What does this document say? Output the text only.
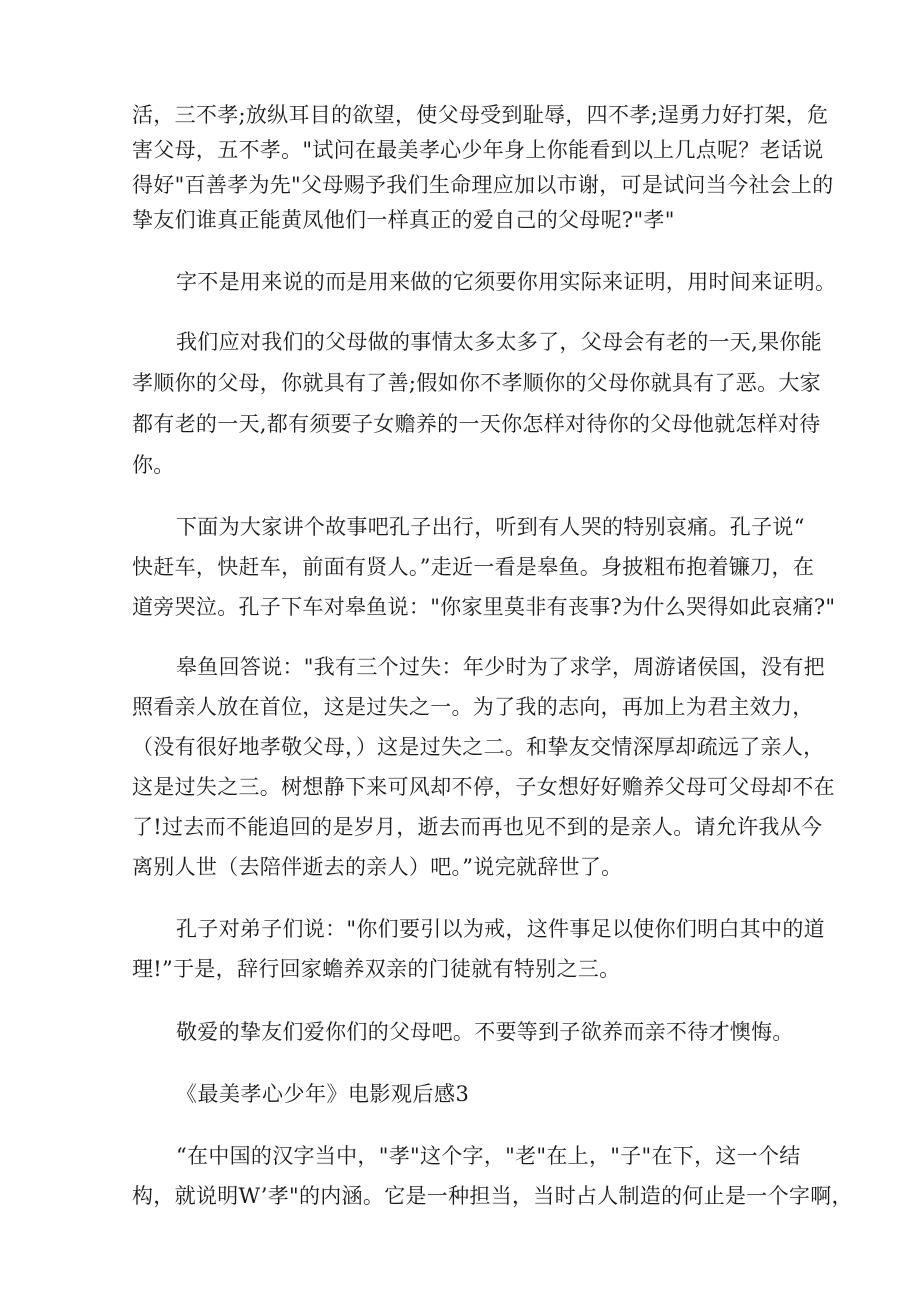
活，三不孝;放纵耳目的欲望，使父母受到耻辱，四不孝;逞勇力好打架，危
害父母，五不孝。"试问在最美孝心少年身上你能看到以上几点呢？老话说
得好"百善孝为先"父母赐予我们生命理应加以市谢，可是试问当今社会上的
挚友们谁真正能黄凤他们一样真正的爱自己的父母呢?"孝"
字不是用来说的而是用来做的它须要你用实际来证明，用时间来证明。
我们应对我们的父母做的事情太多太多了，父母会有老的一天,果你能
孝顺你的父母，你就具有了善;假如你不孝顺你的父母你就具有了恶。大家
都有老的一天,都有须要子女赡养的一天你怎样对待你的父母他就怎样对待
你。
下面为大家讲个故事吧孔子出行，听到有人哭的特别哀痛。孔子说“
快赶车，快赶车，前面有贤人。”走近一看是皋鱼。身披粗布抱着镰刀，在
道旁哭泣。孔子下车对皋鱼说："你家里莫非有丧事?为什么哭得如此哀痛?"
皋鱼回答说："我有三个过失：年少时为了求学，周游诸侯国，没有把
照看亲人放在首位，这是过失之一。为了我的志向，再加上为君主效力，
（没有很好地孝敬父母，）这是过失之二。和挚友交情深厚却疏远了亲人，
这是过失之三。树想静下来可风却不停，子女想好好赡养父母可父母却不在
了!过去而不能追回的是岁月，逝去而再也见不到的是亲人。请允许我从今
离别人世（去陪伴逝去的亲人）吧。”说完就辞世了。
孔子对弟子们说："你们要引以为戒，这件事足以使你们明白其中的道
理!”于是，辞行回家蟾养双亲的门徒就有特别之三。
敬爱的挚友们爱你们的父母吧。不要等到子欲养而亲不待才懊悔。
《最美孝心少年》电影观后感3
“在中国的汉字当中，"孝"这个字，"老"在上，"子"在下，这一个结
构，就说明W’孝"的内涵。它是一种担当，当时占人制造的何止是一个字啊，
